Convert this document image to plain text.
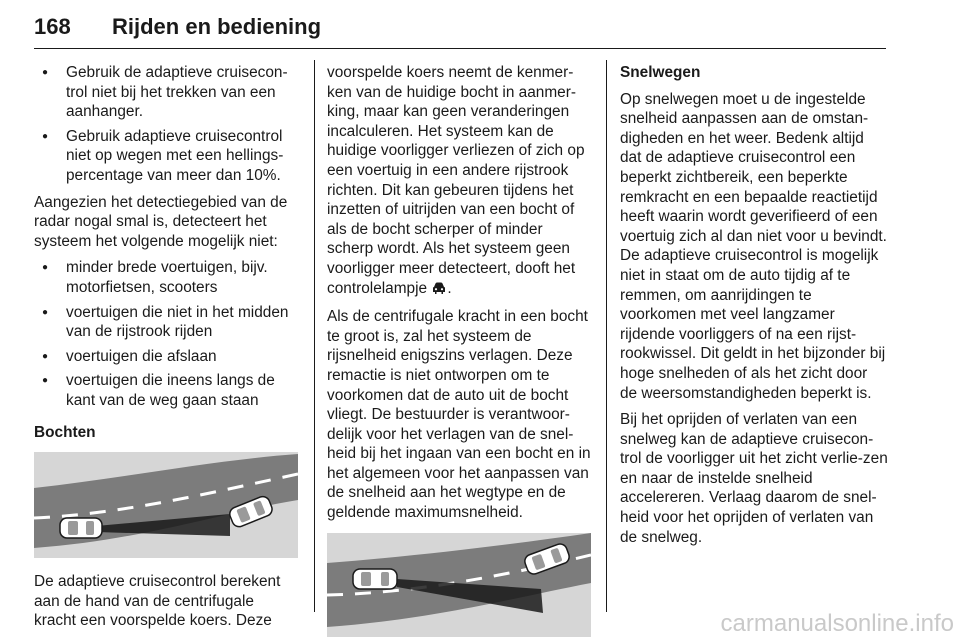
168 Rijden en bediening
● Gebruik de adaptieve cruisecon-trol niet bij het trekken van een aanhanger.
● Gebruik adaptieve cruisecontrol niet op wegen met een hellings-percentage van meer dan 10%.

Aangezien het detectiegebied van de radar nogal smal is, detecteert het systeem het volgende mogelijk niet:

● minder brede voertuigen, bijv. motorfietsen, scooters
● voertuigen die niet in het midden van de rijstrook rijden
● voertuigen die afslaan
● voertuigen die ineens langs de kant van de weg gaan staan

Bochten

De adaptieve cruisecontrol berekent aan de hand van de centrifugale kracht een voorspelde koers. Deze

voorspelde koers neemt de kenmer-ken van de huidige bocht in aanmer-king, maar kan geen veranderingen incalculeren. Het systeem kan de huidige voorligger verliezen of zich op een voertuig in een andere rijstrook richten. Dit kan gebeuren tijdens het inzetten of uitrijden van een bocht of als de bocht scherper of minder scherp wordt. Als het systeem geen voorligger meer detecteert, dooft het controlelampje .

Als de centrifugale kracht in een bocht te groot is, zal het systeem de rijsnelheid enigszins verlagen. Deze remactie is niet ontworpen om te voorkomen dat de auto uit de bocht vliegt. De bestuurder is verantwoor-delijk voor het verlagen van de snel-heid bij het ingaan van een bocht en in het algemeen voor het aanpassen van de snelheid aan het wegtype en de geldende maximumsnelheid.

Snelwegen

Op snelwegen moet u de ingestelde snelheid aanpassen aan de omstan-digheden en het weer. Bedenk altijd dat de adaptieve cruisecontrol een beperkt zichtbereik, een beperkte remkracht en een bepaalde reactietijd heeft waarin wordt geverifieerd of een voertuig zich al dan niet voor u bevindt. De adaptieve cruisecontrol is mogelijk niet in staat om de auto tijdig af te remmen, om aanrijdingen te voorkomen met veel langzamer rijdende voorliggers of na een rijst-rookwissel. Dit geldt in het bijzonder bij hoge snelheden of als het zicht door de weersomstandigheden beperkt is.

Bij het oprijden of verlaten van een snelweg kan de adaptieve cruisecon-trol de voorligger uit het zicht verlie-zen en naar de instelde snelheid accelereren. Verlaag daarom de snel-heid voor het oprijden of verlaten van de snelweg.

carmanualsonline.info
